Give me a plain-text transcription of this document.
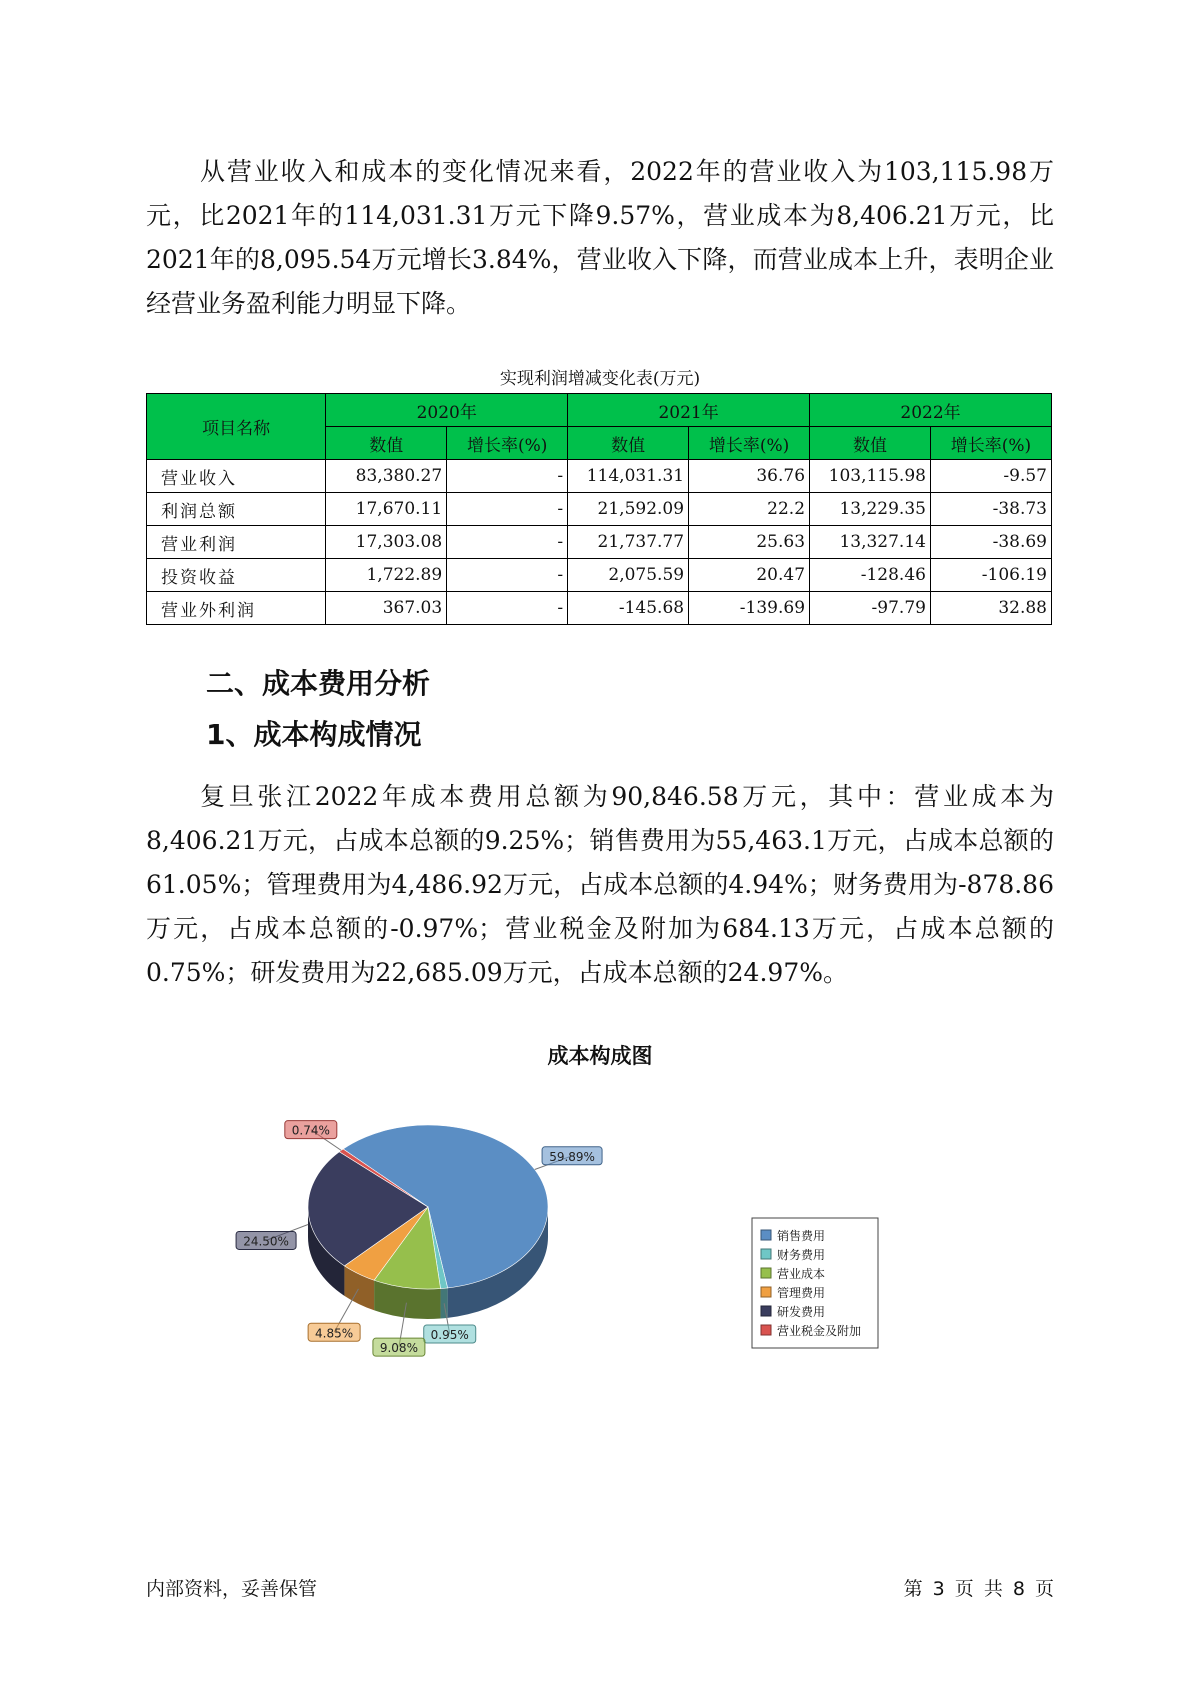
从营业收入和成本的变化情况来看，2022年的营业收入为103,115.98万元，比2021年的114,031.31万元下降9.57%，营业成本为8,406.21万元，比2021年的8,095.54万元增长3.84%，营业收入下降，而营业成本上升，表明企业经营业务盈利能力明显下降。

实现利润增减变化表(万元)
项目名称	2020年		2021年		2022年	
	数值	增长率(%)	数值	增长率(%)	数值	增长率(%)
营业收入	83,380.27	-	114,031.31	36.76	103,115.98	-9.57
利润总额	17,670.11	-	21,592.09	22.2	13,229.35	-38.73
营业利润	17,303.08	-	21,737.77	25.63	13,327.14	-38.69
投资收益	1,722.89	-	2,075.59	20.47	-128.46	-106.19
营业外利润	367.03	-	-145.68	-139.69	-97.79	32.88
二、成本费用分析
1、成本构成情况

复旦张江2022年成本费用总额为90,846.58万元，其中：营业成本为8,406.21万元，占成本总额的9.25%；销售费用为55,463.1万元，占成本总额的61.05%；管理费用为4,486.92万元，占成本总额的4.94%；财务费用为-878.86万元，占成本总额的-0.97%；营业税金及附加为684.13万元，占成本总额的0.75%；研发费用为22,685.09万元，占成本总额的24.97%。

成本构成图
59.89%
0.95%
9.08%
4.85%
24.50%
0.74%
销售费用
财务费用
营业成本
管理费用
研发费用
营业税金及附加
内部资料，妥善保管	第 3 页 共 8 页
